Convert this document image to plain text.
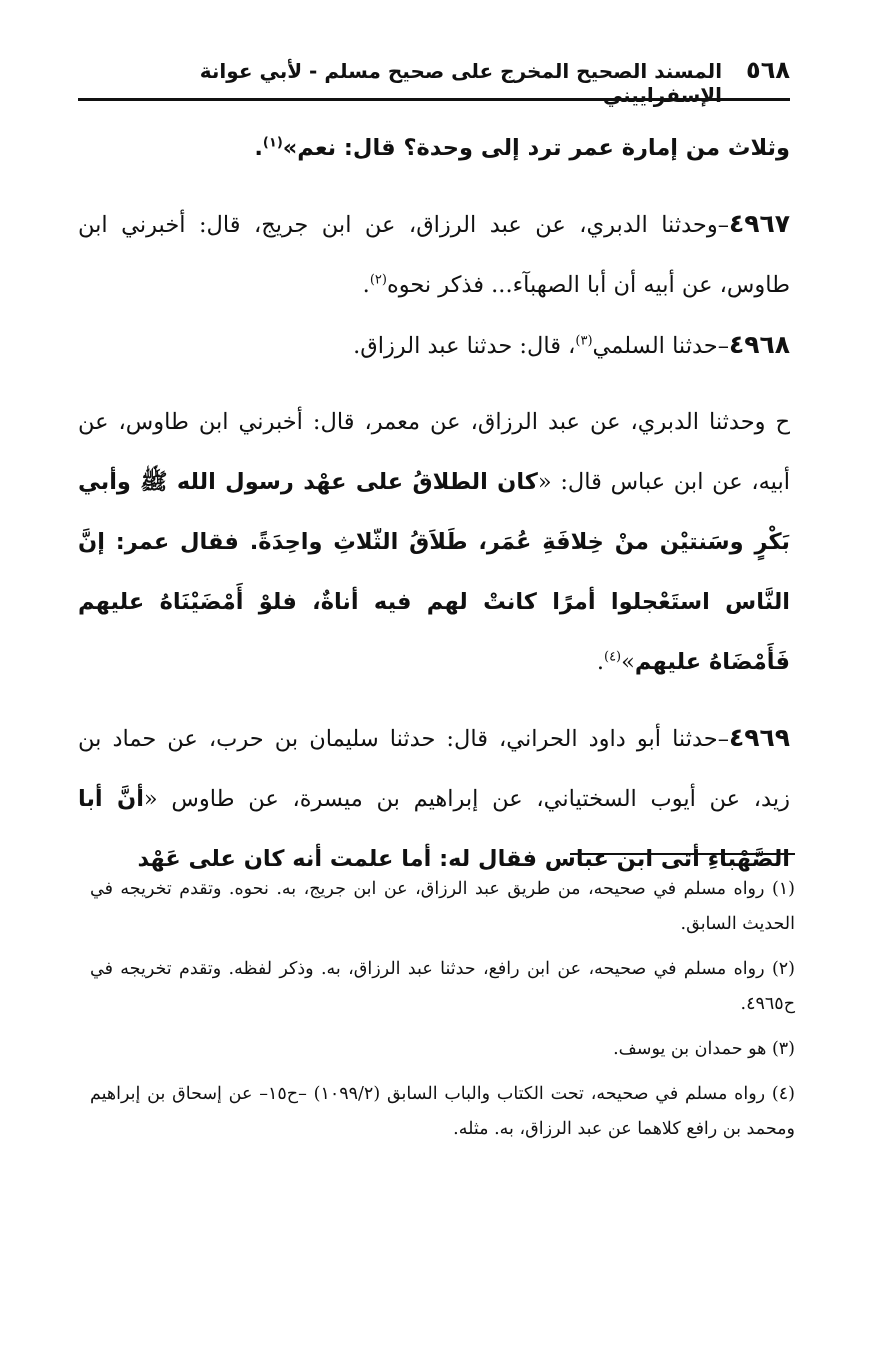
٥٦٨
المسند الصحيح المخرج على صحيح مسلم - لأبي عوانة الإسفراييني

وثلاث من إمارة عمر ترد إلى وحدة؟ قال: نعم»$^{(١)}$.

٤٩٦٧–وحدثنا الدبري، عن عبد الرزاق، عن ابن جريج، قال: أخبرني ابن طاوس، عن أبيه أن أبا الصهبآء... فذكر نحوه$^{(٢)}$.

٤٩٦٨–حدثنا السلمي$^{(٣)}$، قال: حدثنا عبد الرزاق.

ح وحدثنا الدبري، عن عبد الرزاق، عن معمر، قال: أخبرني ابن طاوس، عن أبيه، عن ابن عباس قال: «كان الطلاقُ على عهْد رسول الله ﷺ وأبي بَكْرٍ وسَنتيْن منْ خِلافَةِ عُمَر، طَلاَقُ الثّلاثِ واحِدَةً. فقال عمر: إنَّ النَّاس استَعْجلوا أمرًا كانتْ لهم فيه أناةٌ، فلوْ أَمْضَيْنَاهُ عليهم فَأَمْضَاهُ عليهم»$^{(٤)}$.

٤٩٦٩–حدثنا أبو داود الحراني، قال: حدثنا سليمان بن حرب، عن حماد بن زيد، عن أيوب السختياني، عن إبراهيم بن ميسرة، عن طاوس «أنَّ أبا الصَّهْباءِ أتى ابن عباس فقال له: أما علمت أنه كان على عَهْد

(١) رواه مسلم في صحيحه، من طريق عبد الرزاق، عن ابن جريج، به. نحوه. وتقدم تخريجه في الحديث السابق.

(٢) رواه مسلم في صحيحه، عن ابن رافع، حدثنا عبد الرزاق، به. وذكر لفظه. وتقدم تخريجه في ح٤٩٦٥.

(٣) هو حمدان بن يوسف.

(٤) رواه مسلم في صحيحه، تحت الكتاب والباب السابق (١٠٩٩/٢) –ح١٥– عن إسحاق بن إبراهيم ومحمد بن رافع كلاهما عن عبد الرزاق، به. مثله.
